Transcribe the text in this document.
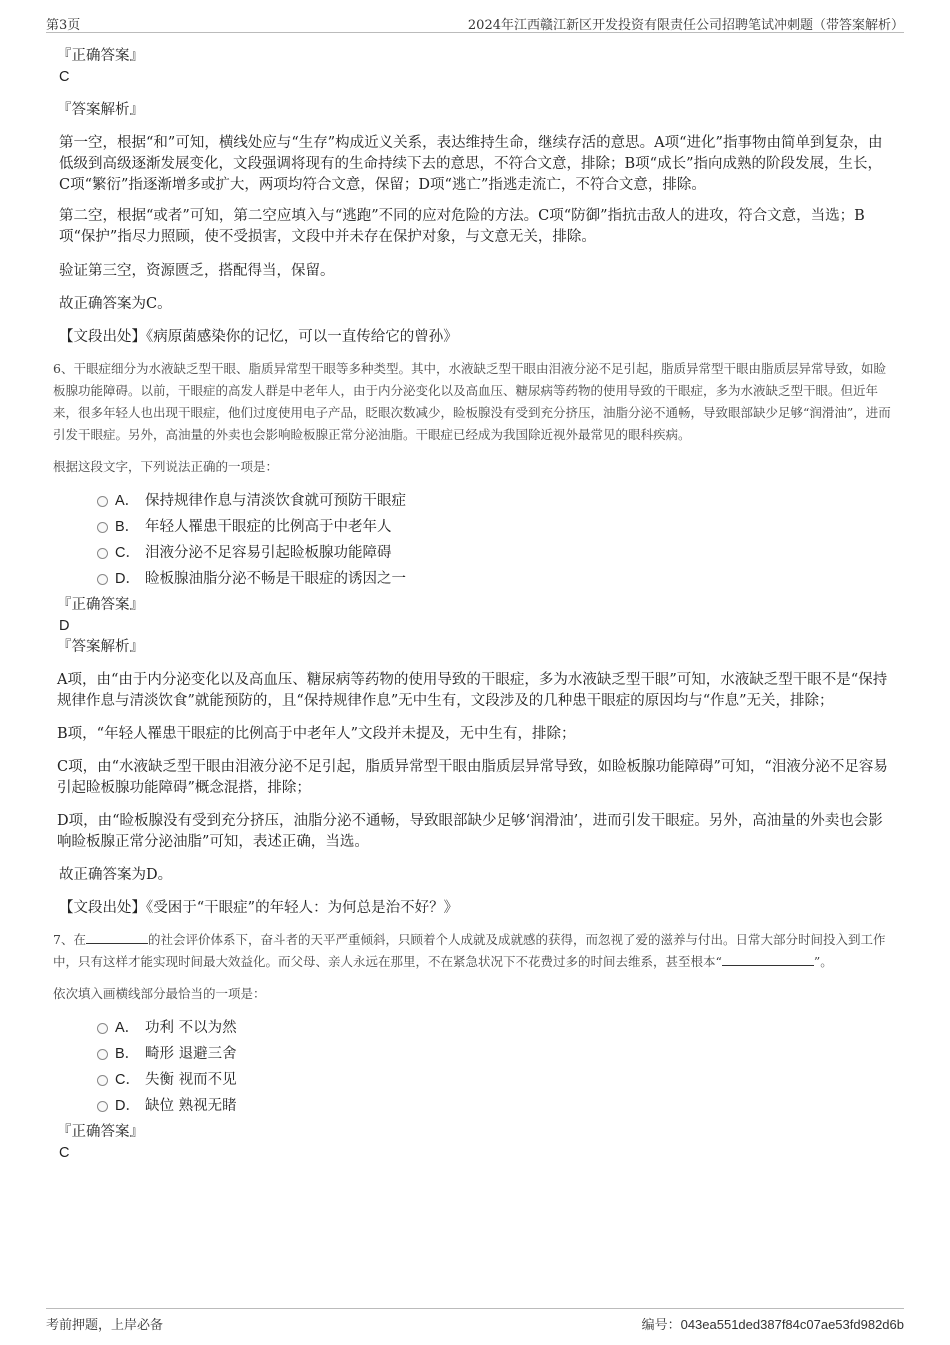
第3页	2024年江西赣江新区开发投资有限责任公司招聘笔试冲刺题（带答案解析）
『正确答案』
C
『答案解析』

第一空，根据“和”可知，横线处应与“生存”构成近义关系，表达维持生命，继续存活的意思。A项“进化”指事物由简单到复杂，由低级到高级逐渐发展变化，文段强调将现有的生命持续下去的意思，不符合文意，排除；B项“成长”指向成熟的阶段发展，生长，C项“繁衍”指逐渐增多或扩大，两项均符合文意，保留；D项“逃亡”指逃走流亡，不符合文意，排除。

第二空，根据“或者”可知，第二空应填入与“逃跑”不同的应对危险的方法。C项“防御”指抗击敌人的进攻，符合文意，当选；B项“保护”指尽力照顾，使不受损害，文段中并未存在保护对象，与文意无关，排除。

验证第三空，资源匮乏，搭配得当，保留。

故正确答案为C。

【文段出处】《病原菌感染你的记忆，可以一直传给它的曾孙》

6、干眼症细分为水液缺乏型干眼、脂质异常型干眼等多种类型。其中，水液缺乏型干眼由泪液分泌不足引起，脂质异常型干眼由脂质层异常导致，如睑板腺功能障碍。以前，干眼症的高发人群是中老年人，由于内分泌变化以及高血压、糖尿病等药物的使用导致的干眼症，多为水液缺乏型干眼。但近年来，很多年轻人也出现干眼症，他们过度使用电子产品，眨眼次数减少，睑板腺没有受到充分挤压，油脂分泌不通畅，导致眼部缺少足够“润滑油”，进而引发干眼症。另外，高油量的外卖也会影响睑板腺正常分泌油脂。干眼症已经成为我国除近视外最常见的眼科疾病。

根据这段文字，下列说法正确的一项是：

A． 保持规律作息与清淡饮食就可预防干眼症
B． 年轻人罹患干眼症的比例高于中老年人
C． 泪液分泌不足容易引起睑板腺功能障碍
D． 睑板腺油脂分泌不畅是干眼症的诱因之一
『正确答案』
D
『答案解析』

A项，由“由于内分泌变化以及高血压、糖尿病等药物的使用导致的干眼症，多为水液缺乏型干眼”可知，水液缺乏型干眼不是“保持规律作息与清淡饮食”就能预防的，且“保持规律作息”无中生有，文段涉及的几种患干眼症的原因均与“作息”无关，排除；

B项，“年轻人罹患干眼症的比例高于中老年人”文段并未提及，无中生有，排除；

C项，由“水液缺乏型干眼由泪液分泌不足引起，脂质异常型干眼由脂质层异常导致，如睑板腺功能障碍”可知，“泪液分泌不足容易引起睑板腺功能障碍”概念混搭，排除；

D项，由“睑板腺没有受到充分挤压，油脂分泌不通畅，导致眼部缺少足够‘润滑油’，进而引发干眼症。另外，高油量的外卖也会影响睑板腺正常分泌油脂”可知，表述正确，当选。

故正确答案为D。

【文段出处】《受困于“干眼症”的年轻人：为何总是治不好？》

7、在	的社会评价体系下，奋斗者的天平严重倾斜，只顾着个人成就及成就感的获得，而忽视了爱的滋养与付出。日常大部分时间投入到工作中，只有这样才能实现时间最大效益化。而父母、亲人永远在那里，不在紧急状况下不花费过多的时间去维系，甚至根本“	”。

依次填入画横线部分最恰当的一项是：

A． 功利 不以为然
B． 畸形 退避三舍
C． 失衡 视而不见
D． 缺位 熟视无睹
『正确答案』
C
考前押题，上岸必备	编号：043ea551ded387f84c07ae53fd982d6b
